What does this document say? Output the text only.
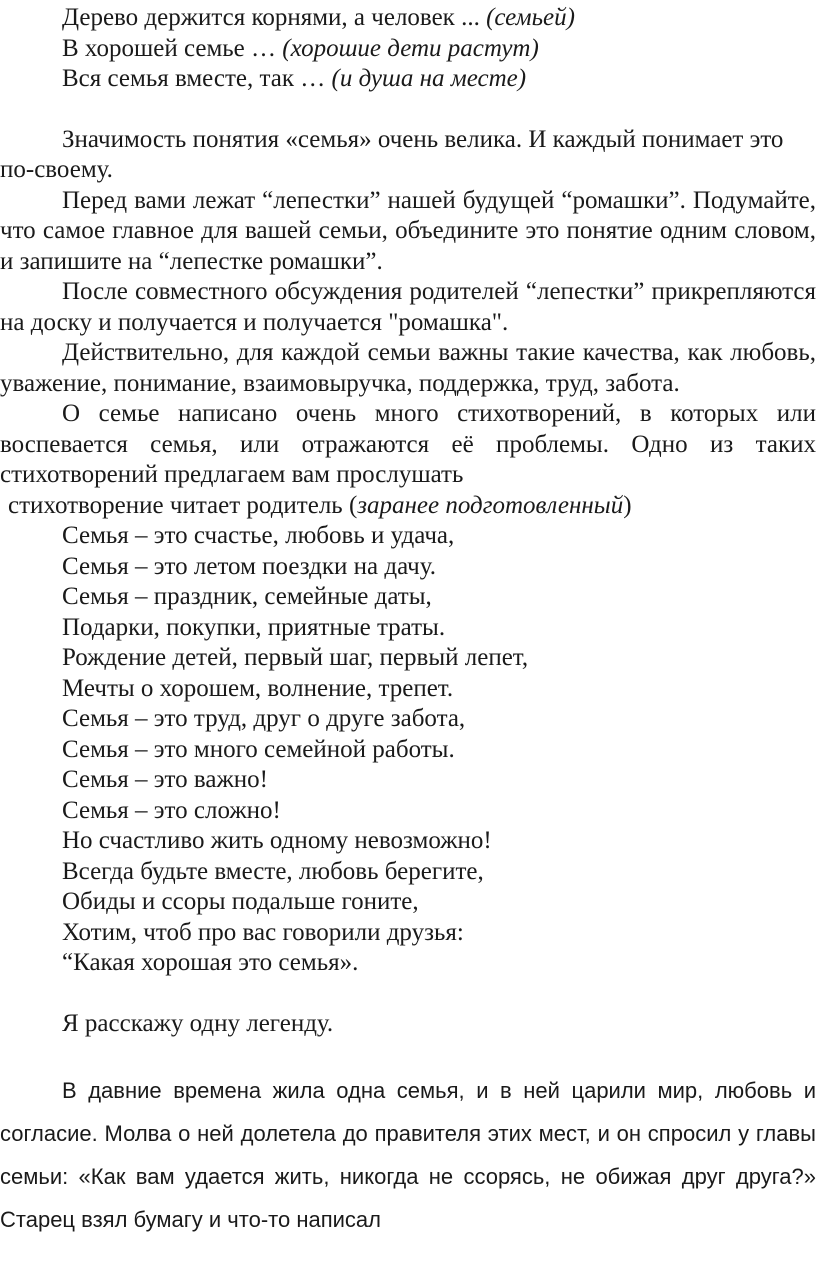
Дерево держится корнями, а человек ... (семьей)
В хорошей семье … (хорошие дети растут)
Вся семья вместе, так … (и душа на месте)

Значимость понятия «семья» очень велика. И каждый понимает это по-своему.

Перед вами лежат “лепестки” нашей будущей “ромашки”. Подумайте, что самое главное для вашей семьи, объедините это понятие одним словом, и запишите на “лепестке ромашки”.

После совместного обсуждения родителей “лепестки” прикрепляются на доску и получается и получается "ромашка".

Действительно, для каждой семьи важны такие качества, как любовь, уважение, понимание, взаимовыручка, поддержка, труд, забота.

О семье написано очень много стихотворений, в которых или воспевается семья, или отражаются её проблемы. Одно из таких стихотворений предлагаем вам прослушать

стихотворение читает родитель (заранее подготовленный)
Семья – это счастье, любовь и удача,
Семья – это летом поездки на дачу.
Семья – праздник, семейные даты,
Подарки, покупки, приятные траты.
Рождение детей, первый шаг, первый лепет,
Мечты о хорошем, волнение, трепет.
Семья – это труд, друг о друге забота,
Семья – это много семейной работы.
Семья – это важно!
Семья – это сложно!
Но счастливо жить одному невозможно!
Всегда будьте вместе, любовь берегите,
Обиды и ссоры подальше гоните,
Хотим, чтоб про вас говорили друзья:
“Какая хорошая это семья».
Я расскажу одну легенду.

В давние времена жила одна семья, и в ней царили мир, любовь и согласие. Молва о ней долетела до правителя этих мест, и он спросил у главы семьи: «Как вам удается жить, никогда не ссорясь, не обижая друг друга?» Старец взял бумагу и что-то написал
